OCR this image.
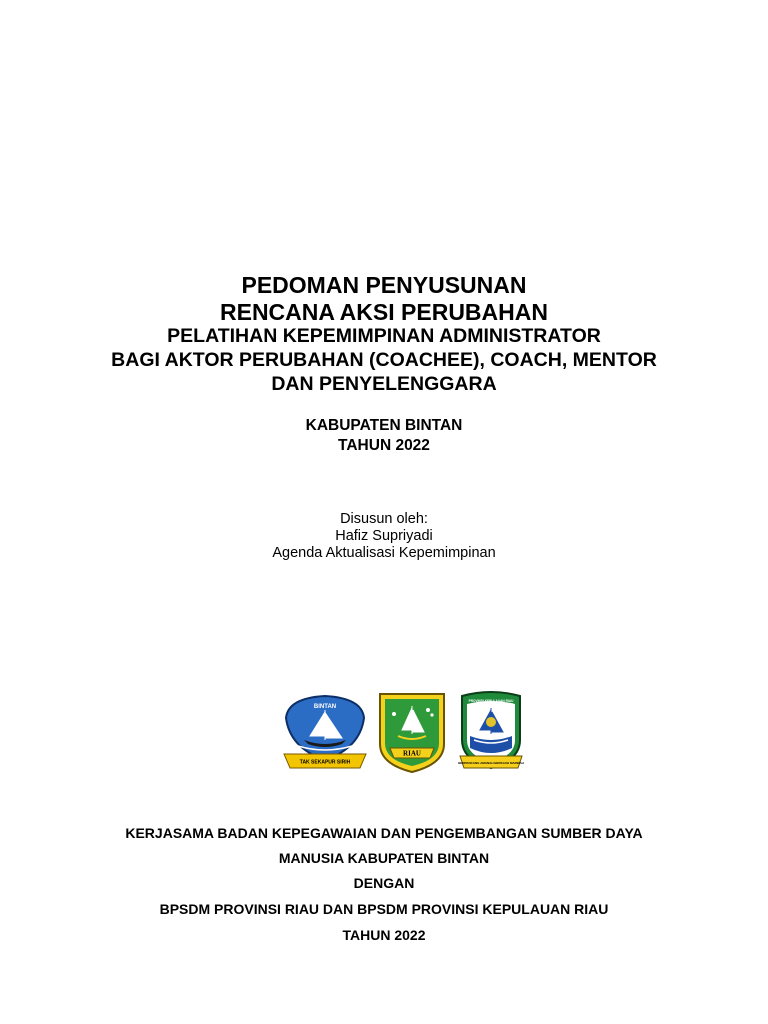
PEDOMAN PENYUSUNAN
RENCANA AKSI PERUBAHAN
PELATIHAN KEPEMIMPINAN ADMINISTRATOR
BAGI AKTOR PERUBAHAN (COACHEE), COACH, MENTOR
DAN PENYELENGGARA
KABUPATEN BINTAN
TAHUN 2022
Disusun oleh:
Hafiz Supriyadi
Agenda Aktualisasi Kepemimpinan
BINTAN
TAK SEKAPUR SIRIH
RIAU
PROVINSI KEPULAUAN RIAU
BERPANCANG AMANAH BERSAUH MARWAH
KERJASAMA BADAN KEPEGAWAIAN DAN PENGEMBANGAN SUMBER DAYA
MANUSIA KABUPATEN BINTAN
DENGAN
BPSDM PROVINSI RIAU DAN BPSDM PROVINSI KEPULAUAN RIAU
TAHUN 2022
